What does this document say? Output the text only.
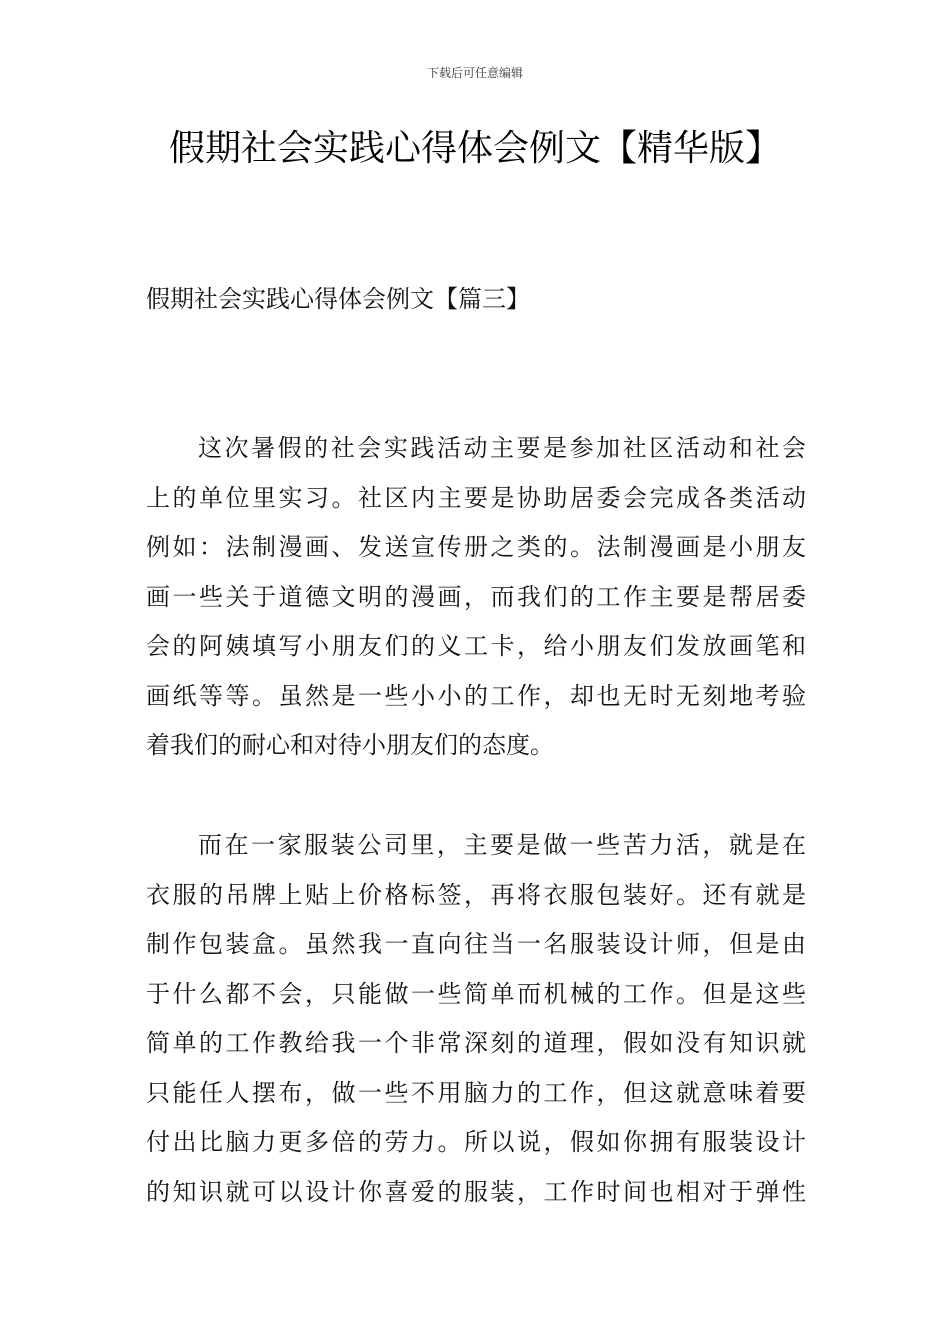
下载后可任意编辑
假期社会实践心得体会例文【精华版】
假期社会实践心得体会例文【篇三】
这次暑假的社会实践活动主要是参加社区活动和社会
上的单位里实习。社区内主要是协助居委会完成各类活动
例如：法制漫画、发送宣传册之类的。法制漫画是小朋友
画一些关于道德文明的漫画，而我们的工作主要是帮居委
会的阿姨填写小朋友们的义工卡，给小朋友们发放画笔和
画纸等等。虽然是一些小小的工作，却也无时无刻地考验
着我们的耐心和对待小朋友们的态度。
而在一家服装公司里，主要是做一些苦力活，就是在
衣服的吊牌上贴上价格标签，再将衣服包装好。还有就是
制作包装盒。虽然我一直向往当一名服装设计师，但是由
于什么都不会，只能做一些简单而机械的工作。但是这些
简单的工作教给我一个非常深刻的道理，假如没有知识就
只能任人摆布，做一些不用脑力的工作，但这就意味着要
付出比脑力更多倍的劳力。所以说，假如你拥有服装设计
的知识就可以设计你喜爱的服装，工作时间也相对于弹性
